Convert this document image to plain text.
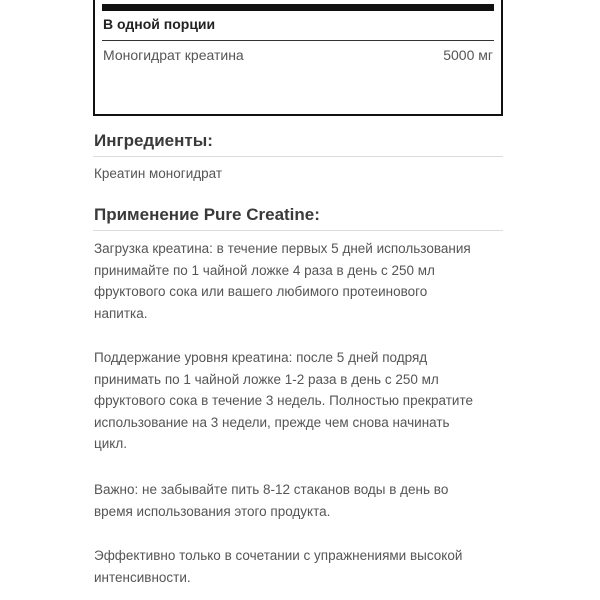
В одной порции
Моногидрат креатина	5000 мг
Ингредиенты:
Креатин моногидрат
Применение Pure Creatine:
Загрузка креатина: в течение первых 5 дней использования
принимайте по 1 чайной ложке 4 раза в день с 250 мл
фруктового сока или вашего любимого протеинового
напитка.
Поддержание уровня креатина: после 5 дней подряд
принимать по 1 чайной ложке 1-2 раза в день с 250 мл
фруктового сока в течение 3 недель. Полностью прекратите
использование на 3 недели, прежде чем снова начинать
цикл.
Важно: не забывайте пить 8-12 стаканов воды в день во
время использования этого продукта.
Эффективно только в сочетании с упражнениями высокой
интенсивности.
